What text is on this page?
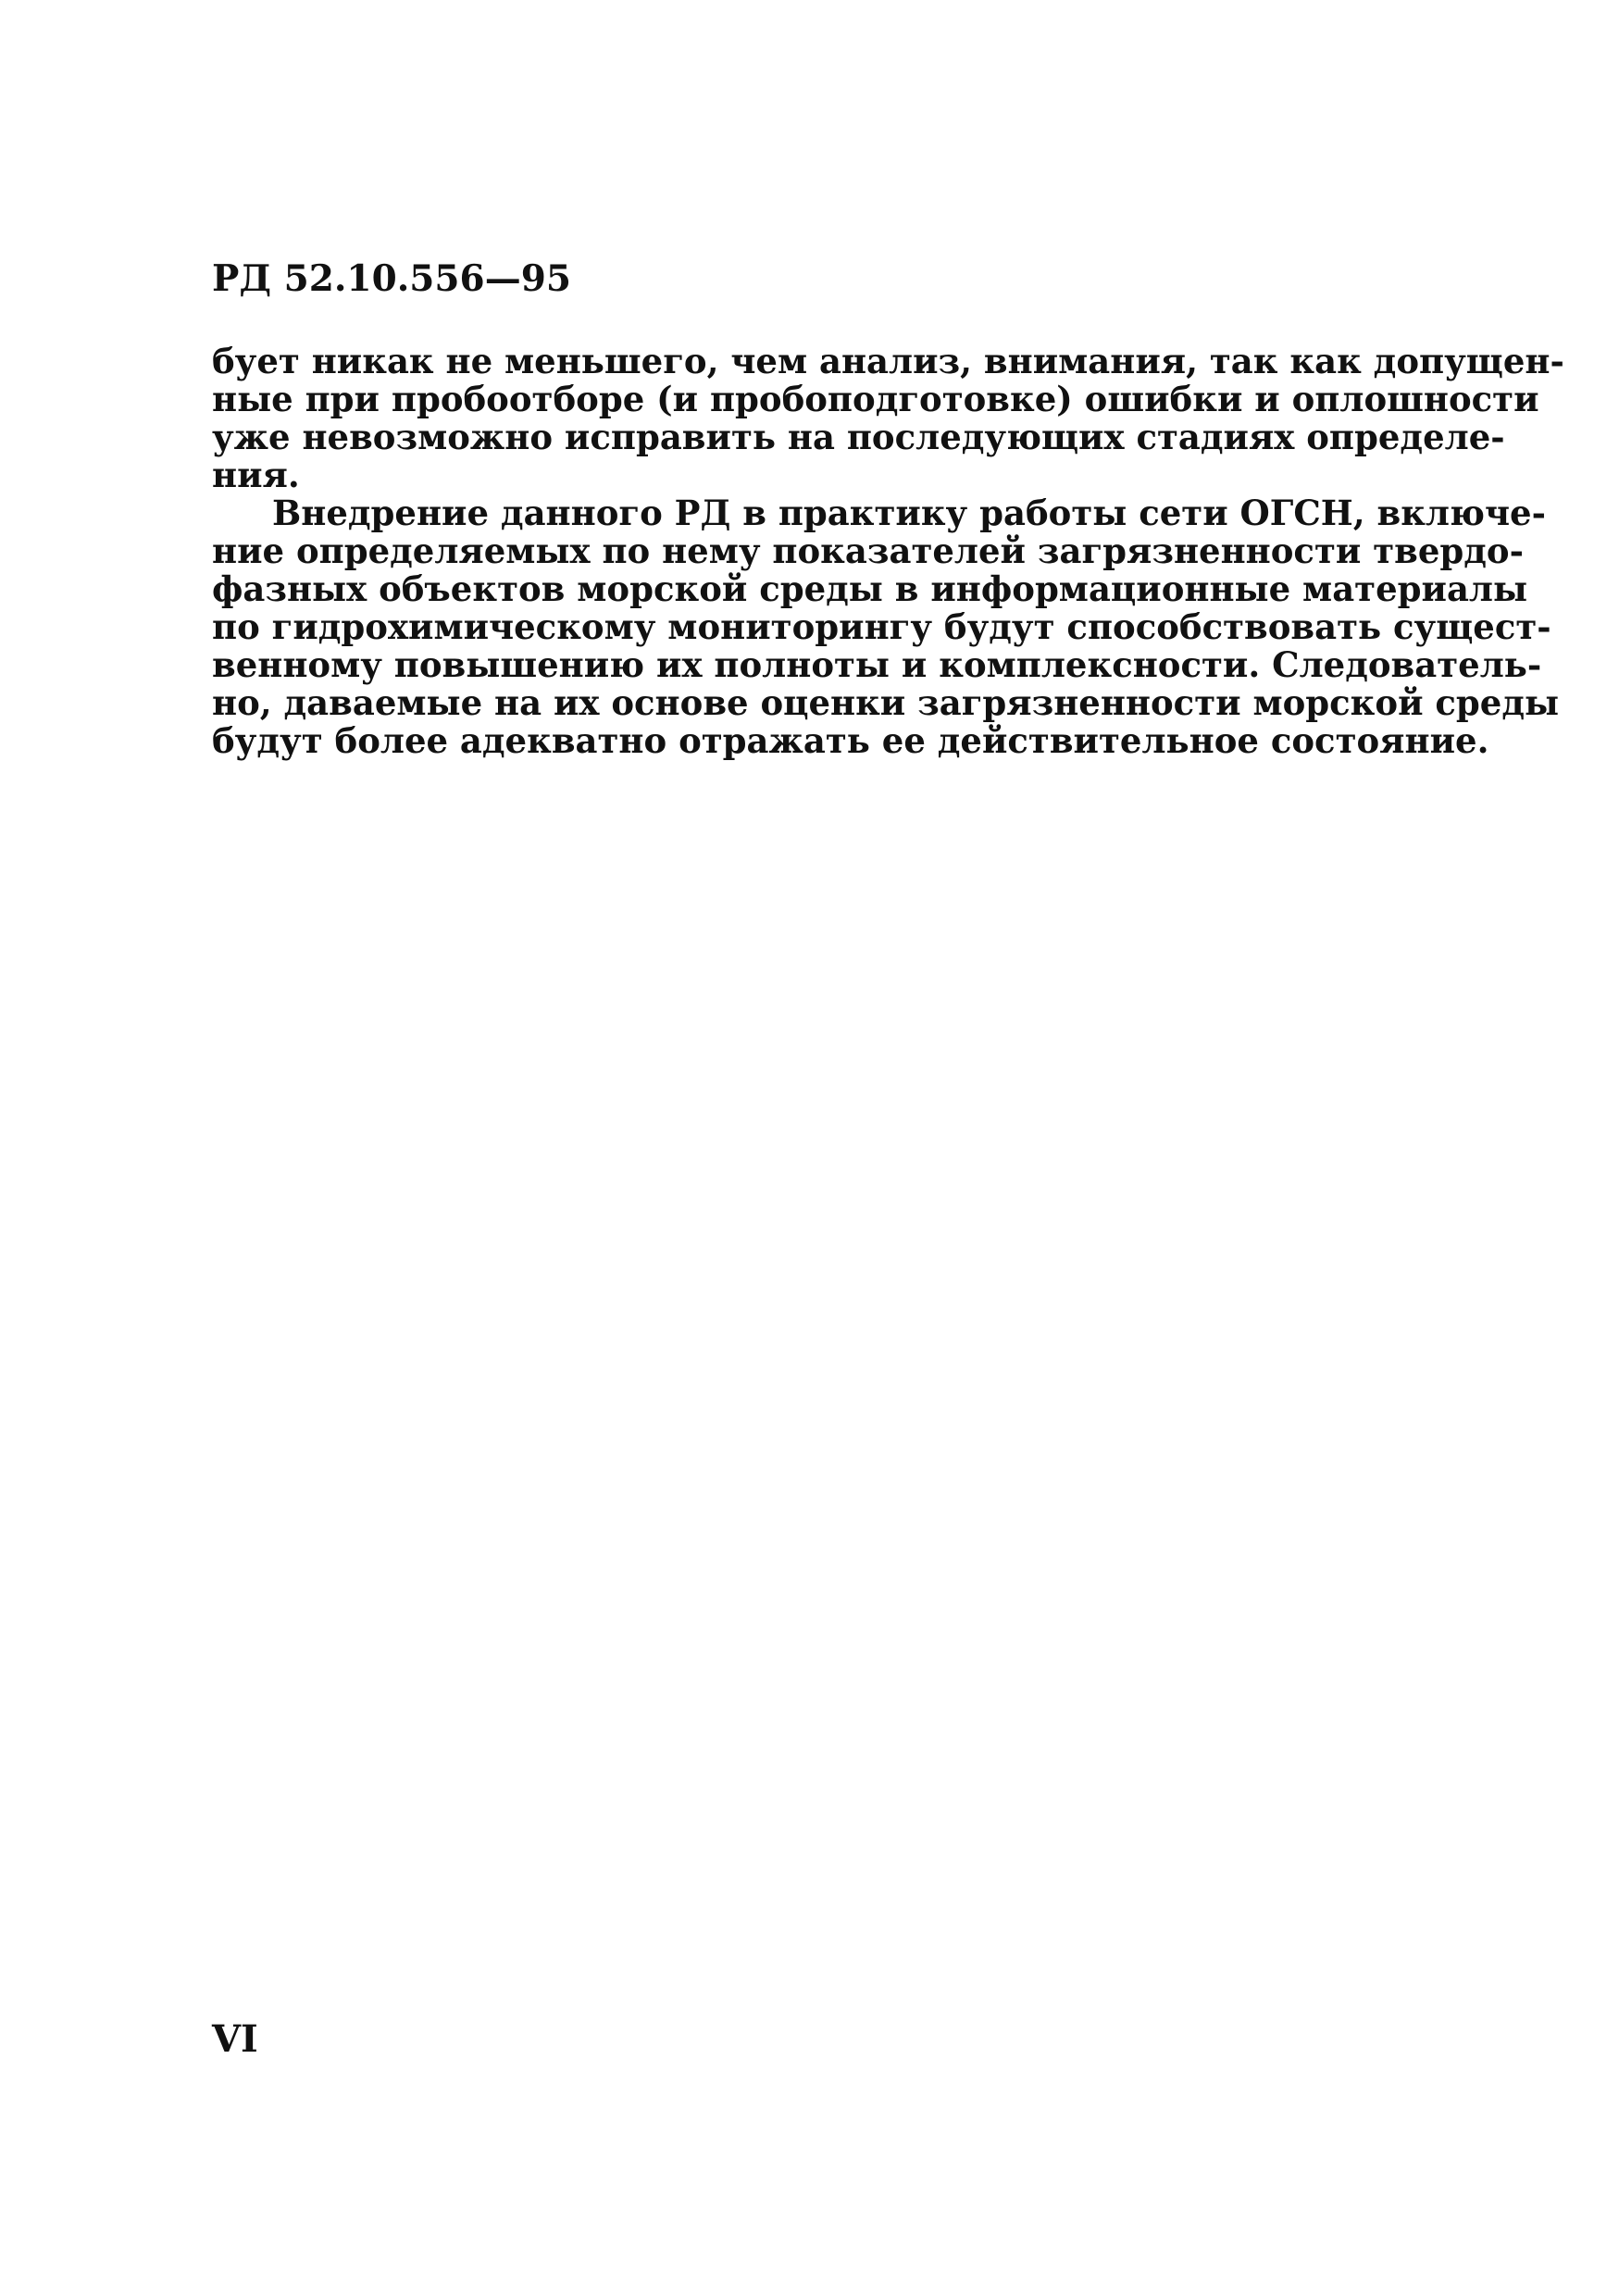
РД 52.10.556—95
бует никак не меньшего, чем анализ, внимания, так как допущен-
ные при пробоотборе (и пробоподготовке) ошибки и оплошности
уже невозможно исправить на последующих стадиях определе-
ния.
Внедрение данного РД в практику работы сети ОГСН, включе-
ние определяемых по нему показателей загрязненности твердо-
фазных объектов морской среды в информационные материалы
по гидрохимическому мониторингу будут способствовать сущест-
венному повышению их полноты и комплексности. Следователь-
но, даваемые на их основе оценки загрязненности морской среды
будут более адекватно отражать ее действительное состояние.
VI
